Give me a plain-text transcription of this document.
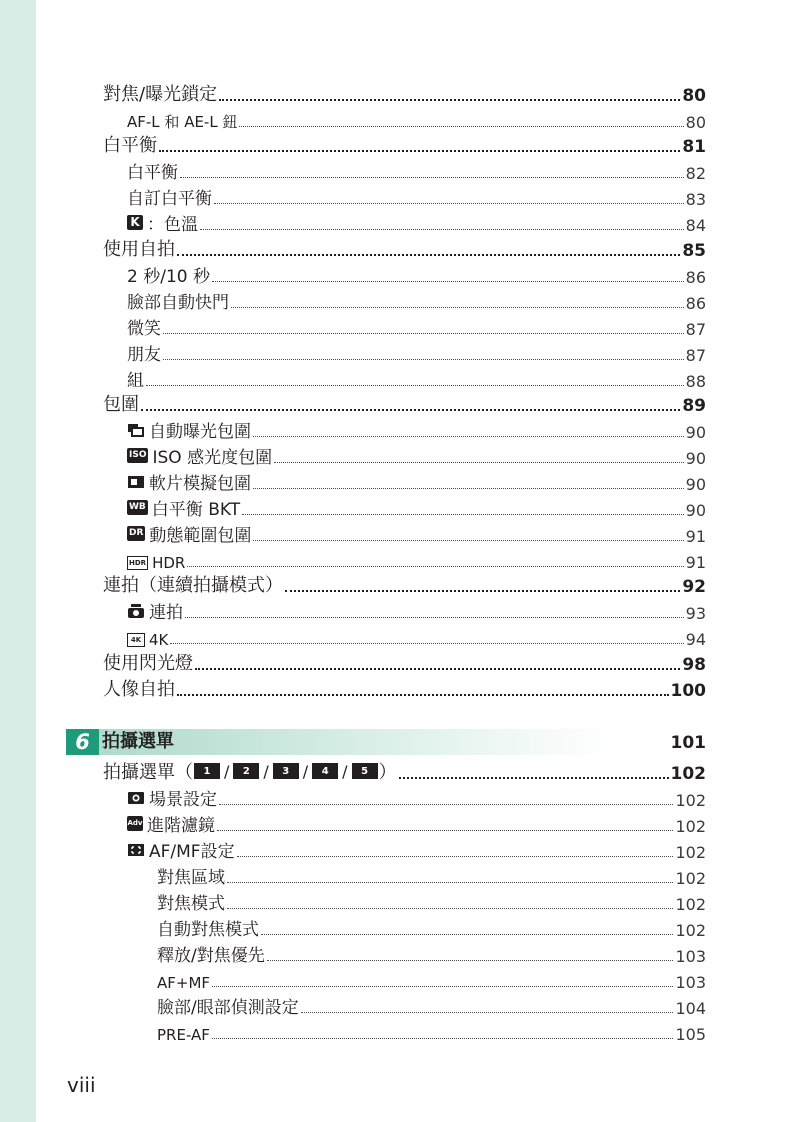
對焦/曝光鎖定	80
AF-L 和 AE-L 鈕	80
白平衡	81
白平衡	82
自訂白平衡	83
K ：色溫	84
使用自拍	85
2 秒/10 秒	86
臉部自動快門	86
微笑	87
朋友	87
組	88
包圍	89
自動曝光包圍	90
ISO ISO 感光度包圍	90
軟片模擬包圍	90
WB 白平衡 BKT	90
DR 動態範圍包圍	91
HDR HDR	91
連拍（連續拍攝模式）	92
連拍	93
4K 4K	94
使用閃光燈	98
人像自拍	100
6 拍攝選單	101
拍攝選單（	1 /	2 /	3 /	4 /	5 ）	102
場景設定	102
Adv 進階濾鏡	102
AF/MF設定	102
對焦區域	102
對焦模式	102
自動對焦模式	102
釋放/對焦優先	103
AF+MF	103
臉部/眼部偵測設定	104
PRE-AF	105
viii
